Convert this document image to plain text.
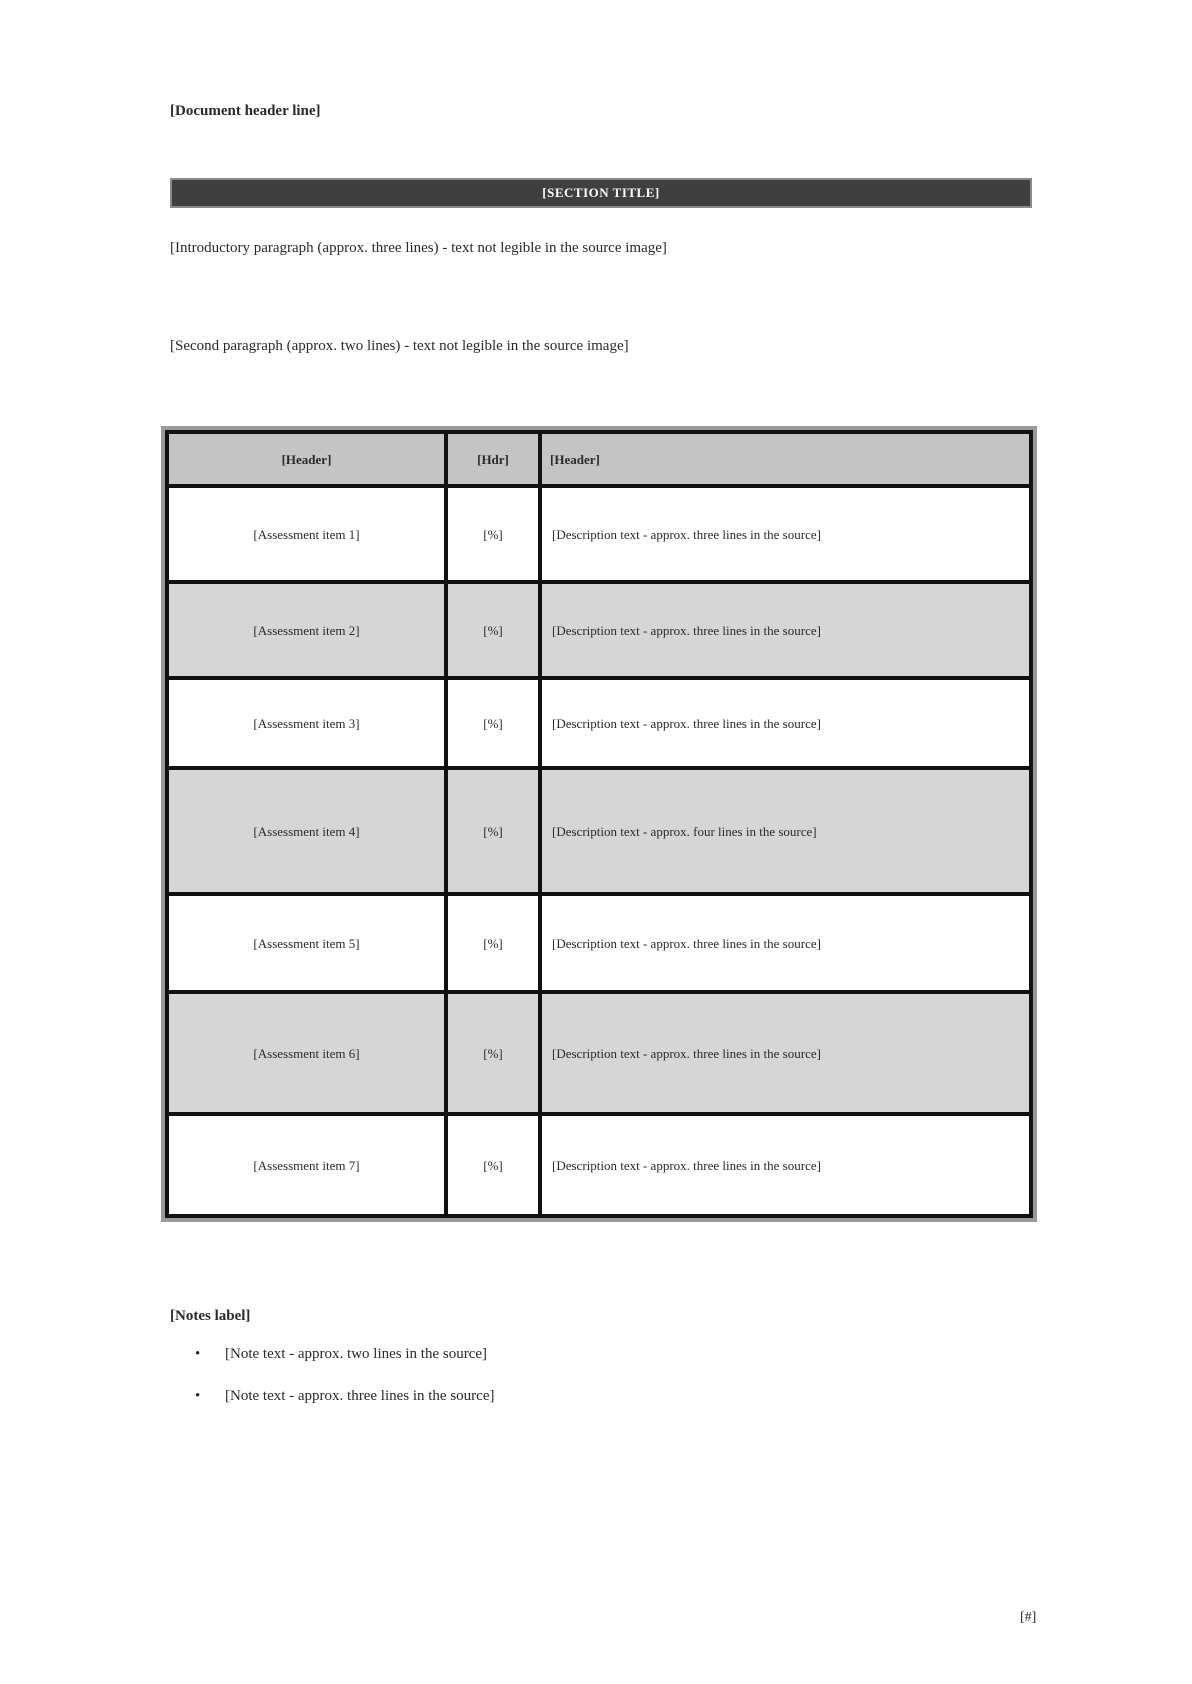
[Document header line]
[SECTION TITLE]

[Introductory paragraph (approx. three lines) - text not legible in the source image]

[Second paragraph (approx. two lines) - text not legible in the source image]

[Header]	[Hdr]	[Header]
[Assessment item 1]	[%]	[Description text - approx. three lines in the source]
[Assessment item 2]	[%]	[Description text - approx. three lines in the source]
[Assessment item 3]	[%]	[Description text - approx. three lines in the source]
[Assessment item 4]	[%]	[Description text - approx. four lines in the source]
[Assessment item 5]	[%]	[Description text - approx. three lines in the source]
[Assessment item 6]	[%]	[Description text - approx. three lines in the source]
[Assessment item 7]	[%]	[Description text - approx. three lines in the source]
[Notes label]
• [Note text - approx. two lines in the source]
• [Note text - approx. three lines in the source]
[#]
